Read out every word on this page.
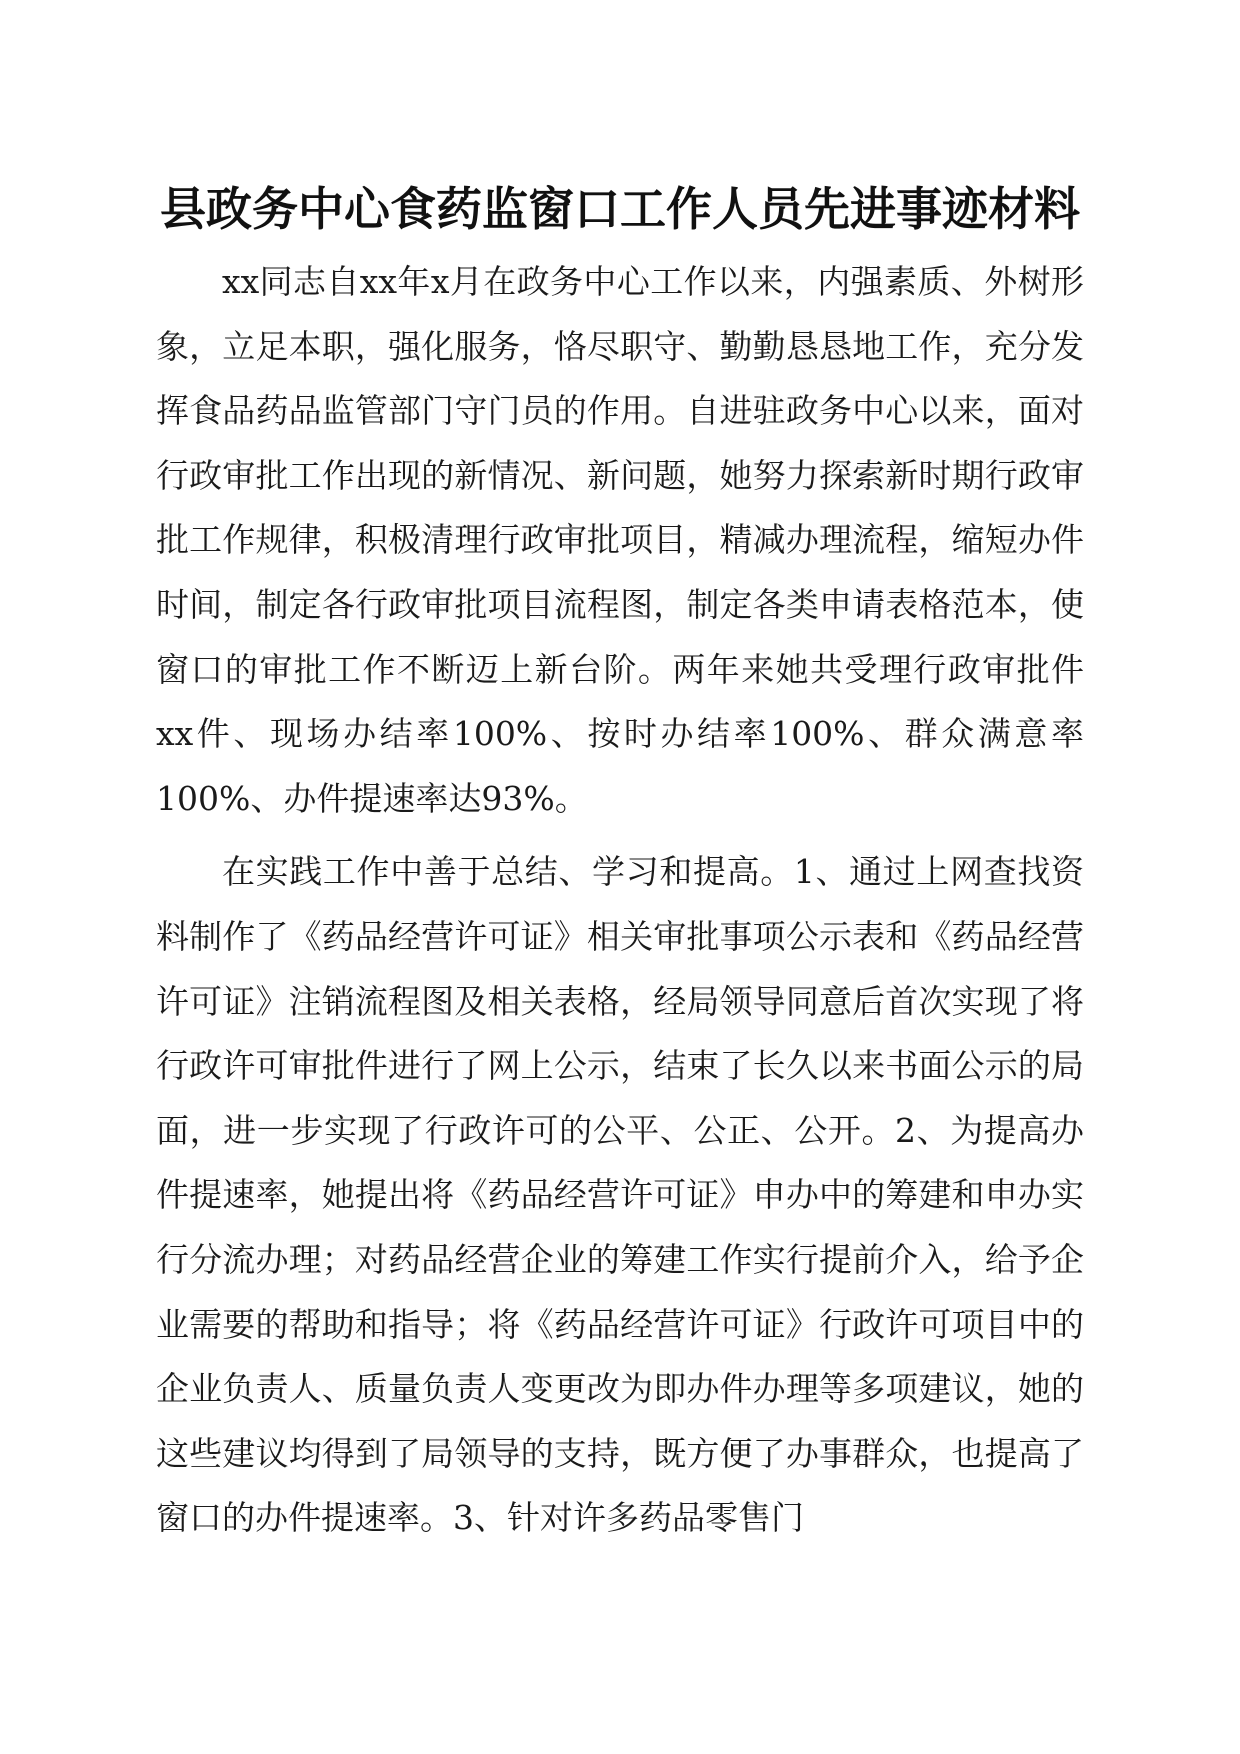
县政务中心食药监窗口工作人员先进事迹材料

xx同志自xx年x月在政务中心工作以来，内强素质、外树形象，立足本职，强化服务，恪尽职守、勤勤恳恳地工作，充分发挥食品药品监管部门守门员的作用。自进驻政务中心以来，面对行政审批工作出现的新情况、新问题，她努力探索新时期行政审批工作规律，积极清理行政审批项目，精减办理流程，缩短办件时间，制定各行政审批项目流程图，制定各类申请表格范本，使窗口的审批工作不断迈上新台阶。两年来她共受理行政审批件xx件、现场办结率100%、按时办结率100%、群众满意率100%、办件提速率达93%。

在实践工作中善于总结、学习和提高。1、通过上网查找资料制作了《药品经营许可证》相关审批事项公示表和《药品经营许可证》注销流程图及相关表格，经局领导同意后首次实现了将行政许可审批件进行了网上公示，结束了长久以来书面公示的局面，进一步实现了行政许可的公平、公正、公开。2、为提高办件提速率，她提出将《药品经营许可证》申办中的筹建和申办实行分流办理；对药品经营企业的筹建工作实行提前介入，给予企业需要的帮助和指导；将《药品经营许可证》行政许可项目中的企业负责人、质量负责人变更改为即办件办理等多项建议，她的这些建议均得到了局领导的支持，既方便了办事群众，也提高了窗口的办件提速率。3、针对许多药品零售门
